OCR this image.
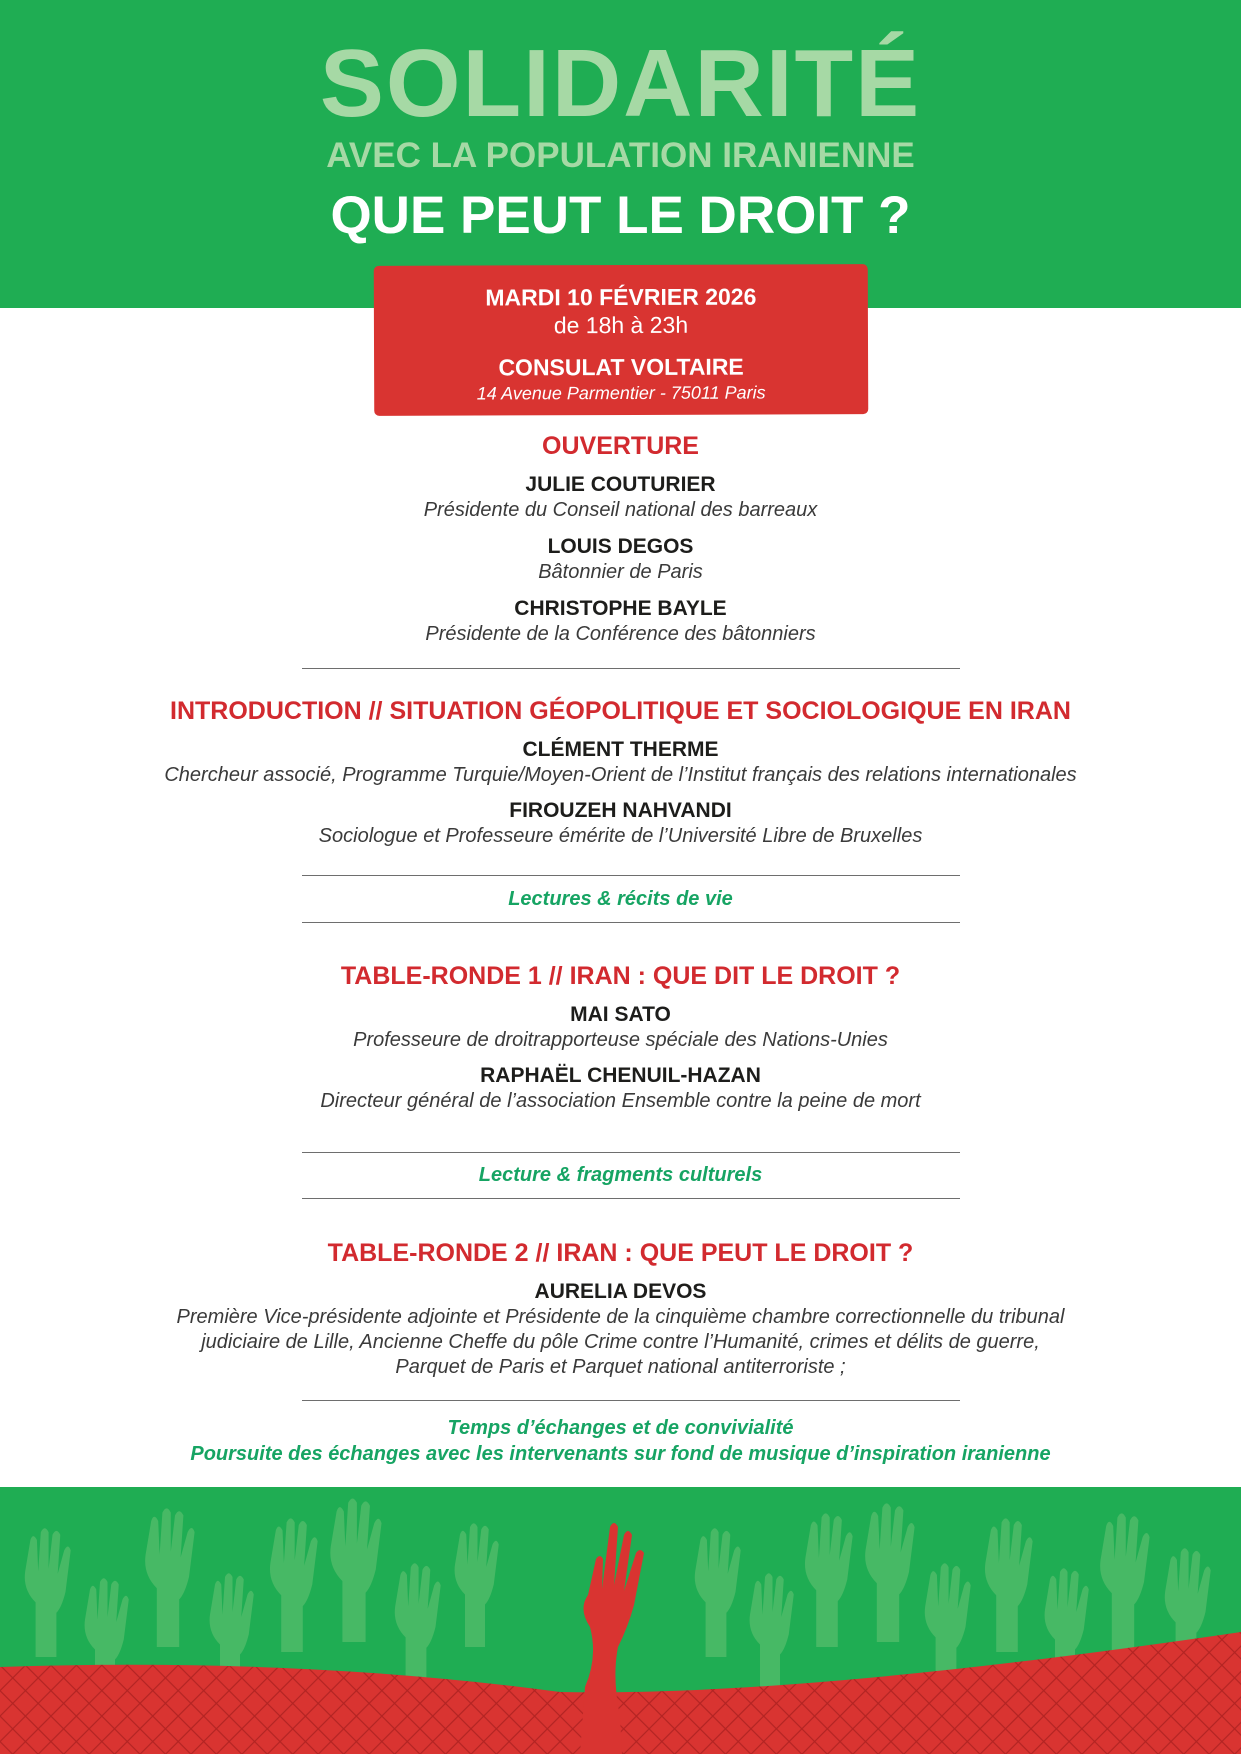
SOLIDARITÉ
AVEC LA POPULATION IRANIENNE
QUE PEUT LE DROIT ?
MARDI 10 FÉVRIER 2026
de 18h à 23h
CONSULAT VOLTAIRE
14 Avenue Parmentier - 75011 Paris
OUVERTURE
JULIE COUTURIER
Présidente du Conseil national des barreaux
LOUIS DEGOS
Bâtonnier de Paris
CHRISTOPHE BAYLE
Présidente de la Conférence des bâtonniers
INTRODUCTION // SITUATION GÉOPOLITIQUE ET SOCIOLOGIQUE EN IRAN
CLÉMENT THERME
Chercheur associé, Programme Turquie/Moyen-Orient de l’Institut français des relations internationales
FIROUZEH NAHVANDI
Sociologue et Professeure émérite de l’Université Libre de Bruxelles
Lectures & récits de vie
TABLE-RONDE 1 // IRAN : QUE DIT LE DROIT ?
MAI SATO
Professeure de droitrapporteuse spéciale des Nations-Unies
RAPHAËL CHENUIL-HAZAN
Directeur général de l’association Ensemble contre la peine de mort
Lecture & fragments culturels
TABLE-RONDE 2 // IRAN : QUE PEUT LE DROIT ?
AURELIA DEVOS
Première Vice-présidente adjointe et Présidente de la cinquième chambre correctionnelle du tribunal
judiciaire de Lille, Ancienne Cheffe du pôle Crime contre l’Humanité, crimes et délits de guerre,
Parquet de Paris et Parquet national antiterroriste ;
Temps d’échanges et de convivialité
Poursuite des échanges avec les intervenants sur fond de musique d’inspiration iranienne
